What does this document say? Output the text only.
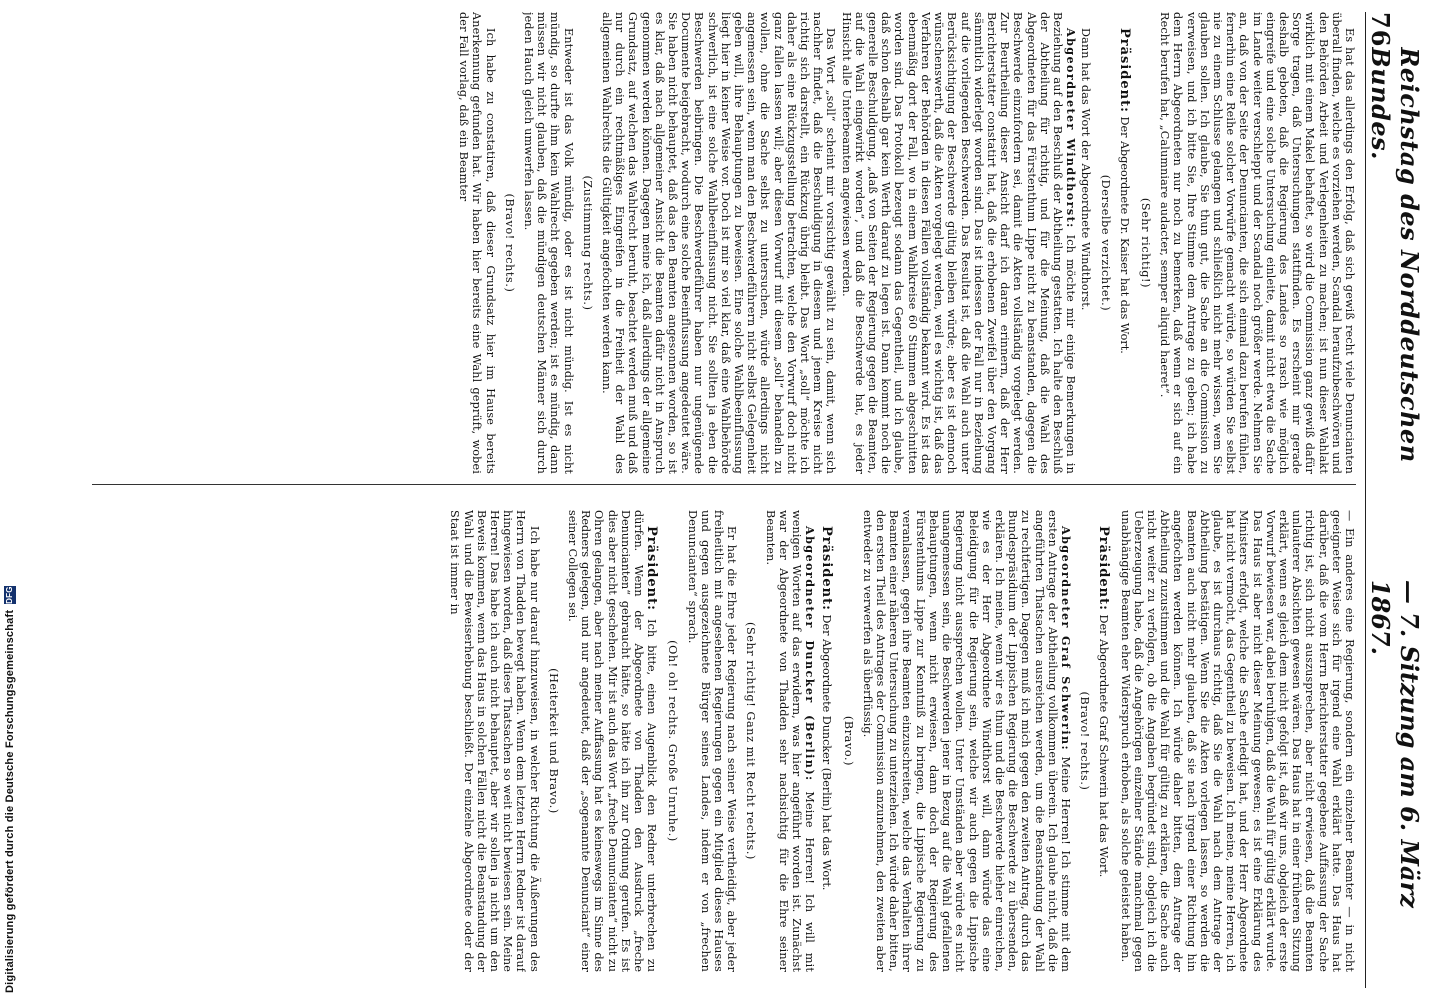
76
Reichstag des Norddeutschen Bundes.
— 7. Sitzung am 6. März 1867.

Es hat das allerdings den Erfolg, daß sich gewiß recht viele Denuncianten überall finden, welche es vorziehen werden, Scandal heraufzubeschwören und den Behörden Arbeit und Verlegenheiten zu machen; ist nun dieser Wahlakt wirklich mit einem Makel behaftet, so wird die Commission ganz gewiß dafür Sorge tragen, daß Untersuchungen stattfinden. Es erscheint mir gerade deshalb geboten, daß die Regierung des Landes so rasch wie möglich eingreife und eine solche Untersuchung einleite, damit nicht etwa die Sache im Lande weiter verschleppt und der Scandal noch größer werde. Nehmen Sie an, daß von der Seite der Denuncianten, die sich einmal dazu berufen fühlen, fernerhin eine Reihe solcher Vorwürfe gemacht würde, so würden Sie selbst nie zu einem Schlusse gelangen und schließlich nicht mehr wissen, wem Sie glauben sollen. Ich glaube, Sie thun gut, die Sache an die Commission zu verweisen, und ich bitte Sie, Ihre Stimme dem Antrage zu geben; ich habe dem Herrn Abgeordneten nur noch zu bemerken, daß wenn er sich auf ein Recht berufen hat, „Calumniare audacter, semper aliquid haeret“.

(Sehr richtig!)

Präsident: Der Abgeordnete Dr. Kaiser hat das Wort.

(Derselbe verzichtet.)

Dann hat das Wort der Abgeordnete Windthorst.

Abgeordneter Windthorst: Ich möchte mir einige Bemerkungen in Beziehung auf den Beschluß der Abtheilung gestatten. Ich halte den Beschluß der Abtheilung für richtig, und für die Meinung, daß die Wahl des Abgeordneten für das Fürstenthum Lippe nicht zu beanstanden, dagegen die Beschwerde einzufordern sei, damit die Akten vollständig vorgelegt werden. Zur Beurtheilung dieser Ansicht darf ich daran erinnern, daß der Herr Berichterstatter constatirt hat, daß die erhobenen Zweifel über den Vorgang sämmtlich widerlegt worden sind. Das ist indessen der Fall nur in Beziehung auf die vorliegenden Beschwerden. Das Resultat ist, daß die Wahl auch unter Berücksichtigung der Beschwerde gültig bleiben würde; aber es ist dennoch wünschenswerth, daß die Akten vorgelegt werden, weil es wichtig ist, daß das Verfahren der Behörden in diesen Fällen vollständig bekannt wird. Es ist das ebenmäßig dort der Fall, wo in einem Wahlkreise 60 Stimmen abgeschnitten worden sind. Das Protokoll bezeugt sodann das Gegentheil, und ich glaube, daß schon deshalb gar kein Werth darauf zu legen ist. Dann kommt noch die generelle Beschuldigung, „daß von Seiten der Regierung gegen die Beamten, auf die Wahl eingewirkt worden“, und daß die Beschwerde hat, es jeder Hinsicht alle Unterbeamten angewiesen werden.

Das Wort „soll“ scheint mir vorsichtig gewählt zu sein, damit, wenn sich nachher findet, daß die Beschuldigung in diesem und jenem Kreise nicht richtig sich darstellt, ein Rückzug übrig bleibt. Das Wort „soll“ möchte ich daher als eine Rückzugsstellung betrachten, welche den Vorwurf doch nicht ganz fallen lassen will; aber diesen Vorwurf mit diesem „soll“ behandeln zu wollen, ohne die Sache selbst zu untersuchen, würde allerdings nicht angemessen sein, wenn man den Beschwerdeführern nicht selbst Gelegenheit geben will, ihre Behauptungen zu beweisen. Eine solche Wahlbeeinflussung liegt hier in keiner Weise vor. Doch ist mir so viel klar, daß eine Wahlbehörde schwerlich, ist eine solche Wahlbeeinflussung nicht. Sie sollten ja eben die Beschwerden beibringen. Die Beschwerdeführer haben nur ungenügende Documente beigebracht, wodurch eine solche Beeinflussung angedeutet wäre. Sie haben nicht behauptet, daß das den Beamten angesonnen worden, so ist es klar, daß nach allgemeiner Ansicht die Beamten dafür nicht in Anspruch genommen werden können. Dagegen meine ich, daß allerdings der allgemeine Grundsatz, auf welchen das Wahlrecht beruht, beachtet werden muß und daß nur durch ein rechtmäßiges Eingreifen in die Freiheit der Wahl des allgemeinen Wahlrechts die Gültigkeit angefochten werden kann.

(Zustimmung rechts.)

Entweder ist das Volk mündig, oder es ist nicht mündig. Ist es nicht mündig, so durfte ihm kein Wahlrecht gegeben werden; ist es mündig, dann müssen wir nicht glauben, daß die mündigen deutschen Männer sich durch jeden Hauch gleich umwerfen lassen.

(Bravo! rechts.)

Ich habe zu constatiren, daß dieser Grundsatz hier im Hause bereits Anerkennung gefunden hat. Wir haben hier bereits eine Wahl geprüft, wobei der Fall vorlag, daß ein Beamter

— Ein anderes eine Regierung, sondern ein einzelner Beamter — in nicht geeigneter Weise sich für irgend eine Wahl erklärt hatte. Das Haus hat darüber, daß die vom Herrn Berichterstatter gegebene Auffassung der Sache richtig ist, sich nicht auszusprechen, aber nicht erwiesen, daß die Beamten unlauterer Absichten gewesen wären. Das Haus hat in einer früheren Sitzung erklärt, wenn es gleich dem nicht gefolgt ist, daß wir uns, obgleich der erste Vorwurf bewiesen war, dabei beruhigen, daß die Wahl für gültig erklärt wurde. Das Haus ist aber nicht dieser Meinung gewesen; es ist eine Erklärung des Ministers erfolgt, welche die Sache erledigt hat, und der Herr Abgeordnete hat nicht vermocht, das Gegentheil zu beweisen. Ich meine, meine Herren, ich glaube, es ist durchaus richtig, daß Sie die Wahl nach dem Antrage der Abtheilung bestätigen. Wenn Sie die Akten vorlegen lassen, so werden die Beamten auch nicht mehr glauben, daß sie nach irgend einer Richtung hin angefochten werden können. Ich würde daher bitten, dem Antrage der Abtheilung zuzustimmen und die Wahl für gültig zu erklären, die Sache auch nicht weiter zu verfolgen, ob die Angaben begründet sind, obgleich ich die Ueberzeugung habe, daß die Angehörigen einzelner Stände manchmal gegen unabhängige Beamten eher Widerspruch erhoben, als solche geleistet haben.

Präsident: Der Abgeordnete Graf Schwerin hat das Wort.

(Bravo! rechts.)

Abgeordneter Graf Schwerin: Meine Herren! Ich stimme mit dem ersten Antrage der Abtheilung vollkommen überein. Ich glaube nicht, daß die angeführten Thatsachen ausreichen werden, um die Beanstandung der Wahl zu rechtfertigen. Dagegen muß ich mich gegen den zweiten Antrag, durch das Bundespräsidium der Lippischen Regierung die Beschwerde zu übersenden, erklären. Ich meine, wenn wir es thun und die Beschwerde hieher einreichen, wie es der Herr Abgeordnete Windthorst will, dann würde das eine Beleidigung für die Regierung sein, welche wir auch gegen die Lippische Regierung nicht aussprechen wollen. Unter Umständen aber würde es nicht unangemessen sein, die Beschwerden jener in Bezug auf die Wahl gefallenen Behauptungen, wenn nicht erwiesen, dann doch der Regierung des Fürstenthums Lippe zur Kenntniß zu bringen, die Lippische Regierung zu veranlassen, gegen ihre Beamten einzuschreiten, welche das Verhalten ihrer Beamten einer näheren Untersuchung zu unterziehen. Ich würde daher bitten, den ersten Theil des Antrages der Commission anzunehmen, den zweiten aber entweder zu verwerfen als überflüssig.

(Bravo.)

Präsident: Der Abgeordnete Duncker (Berlin) hat das Wort.

Abgeordneter Duncker (Berlin): Meine Herren! Ich will mit wenigen Worten auf das erwidern, was hier angeführt worden ist. Zunächst war der Abgeordnete von Thadden sehr nachsichtig für die Ehre seiner Beamten.

(Sehr richtig! Ganz mit Recht rechts.)

Er hat die Ehre jeder Regierung nach seiner Weise vertheidigt, aber jeder freiheitlich mit angesehenen Regierungen gegen ein Mitglied dieses Hauses und gegen ausgezeichnete Bürger seines Landes, indem er von „frechen Denuncianten“ sprach.

(Oh! oh! rechts. Große Unruhe.)

Präsident: Ich bitte, einen Augenblick den Redner unterbrechen zu dürfen. Wenn der Abgeordnete von Thadden den Ausdruck „freche Denuncianten“ gebraucht hätte, so hätte ich ihn zur Ordnung gerufen. Es ist dies aber nicht geschehen. Mir ist auch das Wort „freche Denuncianten“ nicht zu Ohren gelangen, aber nach meiner Auffassung hat es keineswegs im Sinne des Redners gelegen, und nur angedeutet, daß der „sogenannte Denunciant“ einer seiner Collegen sei.

(Heiterkeit und Bravo.)

Ich habe nur darauf hinzuweisen, in welcher Richtung die Äußerungen des Herrn von Thadden bewegt haben. Wenn dem letzten Herrn Redner ist darauf hingewiesen worden, daß diese Thatsachen so weit nicht bewiesen sein. Meine Herren! Das habe ich auch nicht behauptet, aber wir sollen ja nicht um den Beweis kommen, wenn das Haus in solchen Fällen nicht die Beanstandung der Wahl und die Beweiserhebung beschließt. Der einzelne Abgeordnete oder der Staat ist immer in

Digitalisierung gefördert durch die Deutsche Forschungsgemeinschaft
DFG
